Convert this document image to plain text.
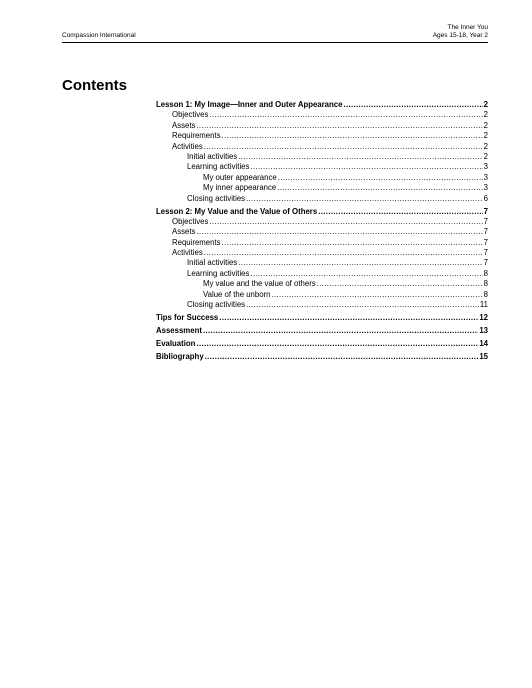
Compassion International
The Inner You
Ages 15-18, Year 2
Contents
Lesson 1: My Image—Inner and Outer Appearance .....	2
Objectives .....	2
Assets .....	2
Requirements .....	2
Activities .....	2
Initial activities .....	2
Learning activities .....	3
My outer appearance .....	3
My inner appearance .....	3
Closing activities .....	6
Lesson 2: My Value and the Value of Others .....	7
Objectives .....	7
Assets .....	7
Requirements .....	7
Activities .....	7
Initial activities .....	7
Learning activities .....	8
My value and the value of others .....	8
Value of the unborn .....	8
Closing activities .....	11
Tips for Success .....	12
Assessment .....	13
Evaluation .....	14
Bibliography .....	15
